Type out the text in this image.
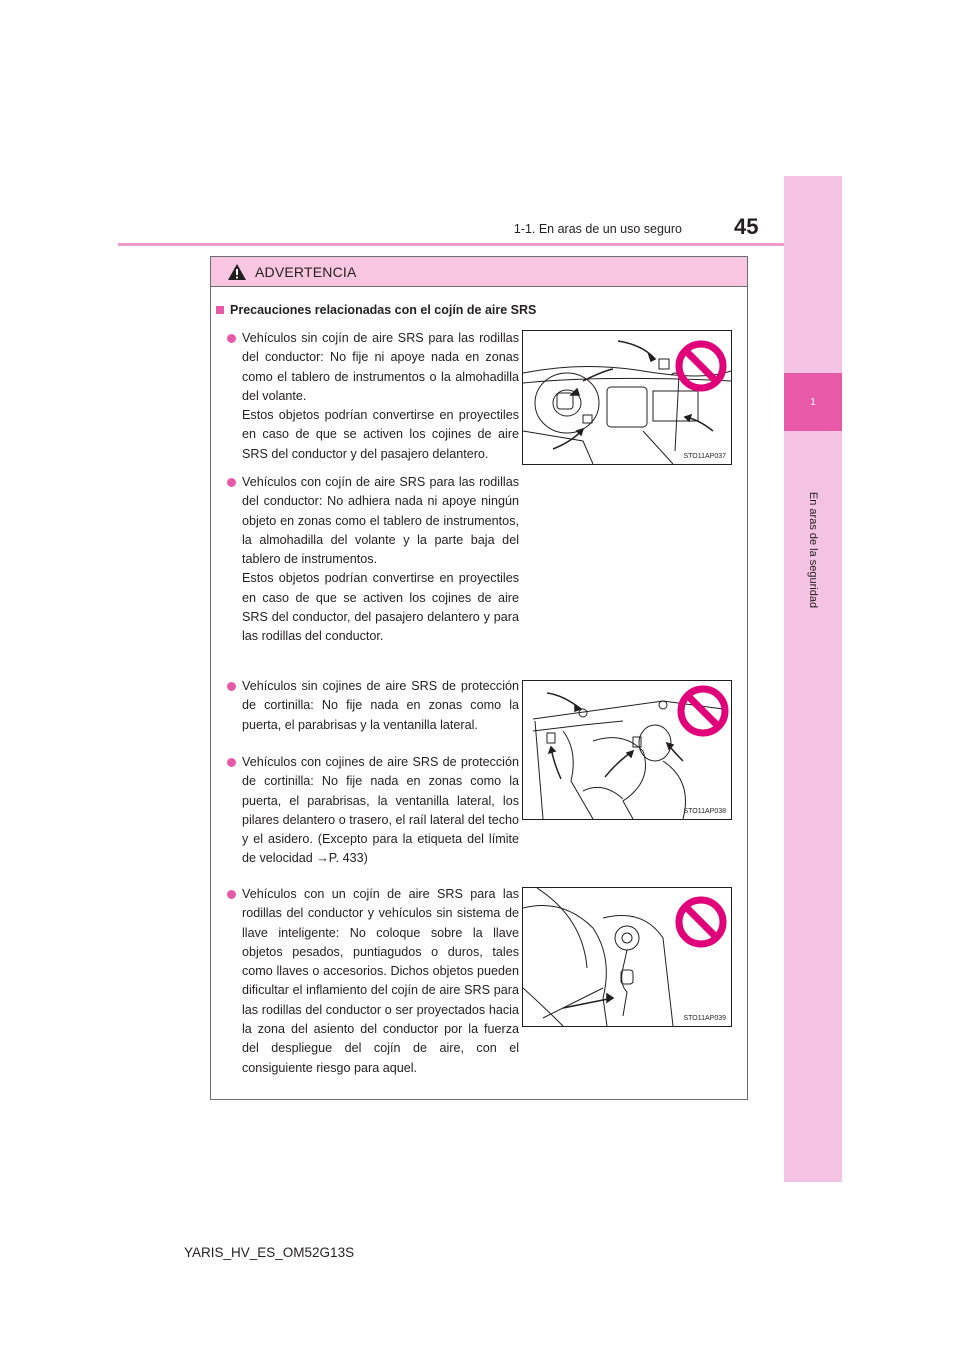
1
En aras de la seguridad
1-1. En aras de un uso seguro 45
ADVERTENCIA
Precauciones relacionadas con el cojín de aire SRS
Vehículos sin cojín de aire SRS para las rodillas del conductor: No fije ni apoye nada en zonas como el tablero de instrumentos o la almohadilla del volante.
Estos objetos podrían convertirse en proyectiles en caso de que se activen los cojines de aire SRS del conductor y del pasajero delantero.
Vehículos con cojín de aire SRS para las rodillas del conductor: No adhiera nada ni apoye ningún objeto en zonas como el tablero de instrumentos, la almohadilla del volante y la parte baja del tablero de instrumentos.
Estos objetos podrían convertirse en proyectiles en caso de que se activen los cojines de aire SRS del conductor, del pasajero delantero y para las rodillas del conductor.
Vehículos sin cojines de aire SRS de protección de cortinilla: No fije nada en zonas como la puerta, el parabrisas y la ventanilla lateral.
Vehículos con cojines de aire SRS de protección de cortinilla: No fije nada en zonas como la puerta, el parabrisas, la ventanilla lateral, los pilares delantero o trasero, el raíl lateral del techo y el asidero. (Excepto para la etiqueta del límite de velocidad →P. 433)
Vehículos con un cojín de aire SRS para las rodillas del conductor y vehículos sin sistema de llave inteligente: No coloque sobre la llave objetos pesados, puntiagudos o duros, tales como llaves o accesorios. Dichos objetos pueden dificultar el inflamiento del cojín de aire SRS para las rodillas del conductor o ser proyectados hacia la zona del asiento del conductor por la fuerza del despliegue del cojín de aire, con el consiguiente riesgo para aquel.
STO11AP037
STO11AP038
STO11AP039
YARIS_HV_ES_OM52G13S
